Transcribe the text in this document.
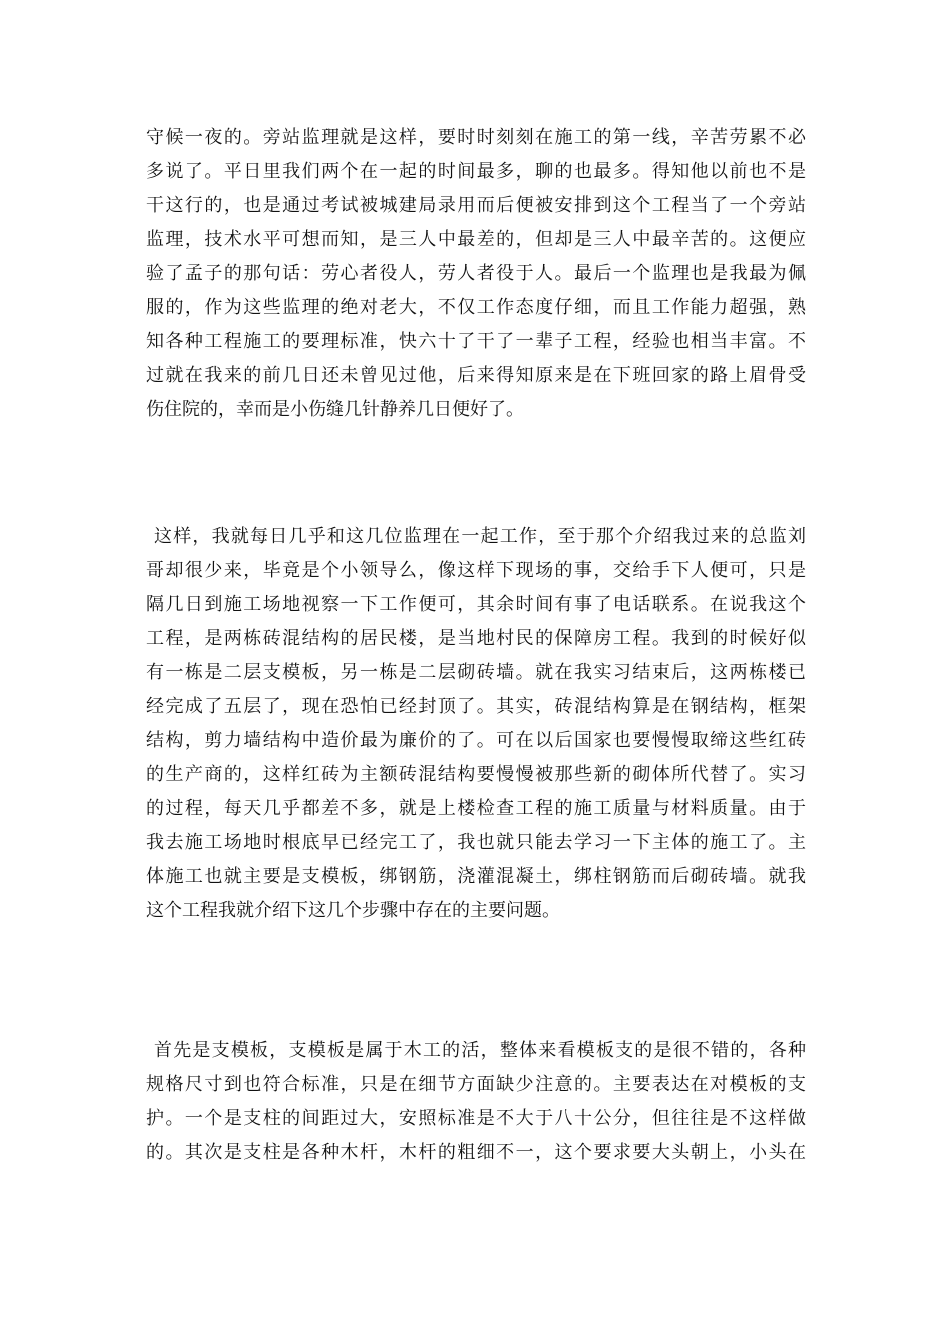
守候一夜的。旁站监理就是这样，要时时刻刻在施工的第一线，辛苦劳累不必
多说了。平日里我们两个在一起的时间最多，聊的也最多。得知他以前也不是
干这行的，也是通过考试被城建局录用而后便被安排到这个工程当了一个旁站
监理，技术水平可想而知，是三人中最差的，但却是三人中最辛苦的。这便应
验了孟子的那句话：劳心者役人，劳人者役于人。最后一个监理也是我最为佩
服的，作为这些监理的绝对老大，不仅工作态度仔细，而且工作能力超强，熟
知各种工程施工的要理标准，快六十了干了一辈子工程，经验也相当丰富。不
过就在我来的前几日还未曾见过他，后来得知原来是在下班回家的路上眉骨受
伤住院的，幸而是小伤缝几针静养几日便好了。
这样，我就每日几乎和这几位监理在一起工作，至于那个介绍我过来的总监刘
哥却很少来，毕竟是个小领导么，像这样下现场的事，交给手下人便可，只是
隔几日到施工场地视察一下工作便可，其余时间有事了电话联系。在说我这个
工程，是两栋砖混结构的居民楼，是当地村民的保障房工程。我到的时候好似
有一栋是二层支模板，另一栋是二层砌砖墙。就在我实习结束后，这两栋楼已
经完成了五层了，现在恐怕已经封顶了。其实，砖混结构算是在钢结构，框架
结构，剪力墙结构中造价最为廉价的了。可在以后国家也要慢慢取缔这些红砖
的生产商的，这样红砖为主额砖混结构要慢慢被那些新的砌体所代替了。实习
的过程，每天几乎都差不多，就是上楼检查工程的施工质量与材料质量。由于
我去施工场地时根底早已经完工了，我也就只能去学习一下主体的施工了。主
体施工也就主要是支模板，绑钢筋，浇灌混凝土，绑柱钢筋而后砌砖墙。就我
这个工程我就介绍下这几个步骤中存在的主要问题。
首先是支模板，支模板是属于木工的活，整体来看模板支的是很不错的，各种
规格尺寸到也符合标准，只是在细节方面缺少注意的。主要表达在对模板的支
护。一个是支柱的间距过大，安照标准是不大于八十公分，但往往是不这样做
的。其次是支柱是各种木杆，木杆的粗细不一，这个要求要大头朝上，小头在
